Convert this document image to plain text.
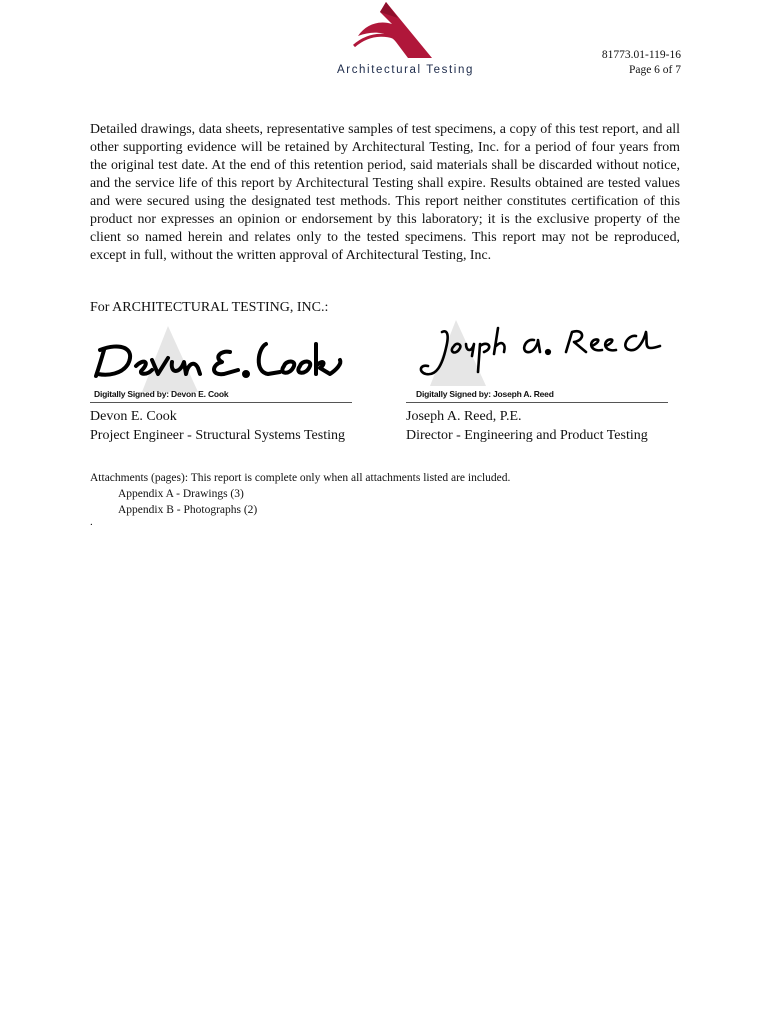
Architectural Testing
81773.01-119-16
Page 6 of 7

Detailed drawings, data sheets, representative samples of test specimens, a copy of this test report, and all other supporting evidence will be retained by Architectural Testing, Inc. for a period of four years from the original test date. At the end of this retention period, said materials shall be discarded without notice, and the service life of this report by Architectural Testing shall expire. Results obtained are tested values and were secured using the designated test methods. This report neither constitutes certification of this product nor expresses an opinion or endorsement by this laboratory; it is the exclusive property of the client so named herein and relates only to the tested specimens. This report may not be reproduced, except in full, without the written approval of Architectural Testing, Inc.

For ARCHITECTURAL TESTING, INC.:
Digitally Signed by: Devon E. Cook
Devon E. Cook
Project Engineer - Structural Systems Testing
Digitally Signed by: Joseph A. Reed
Joseph A. Reed, P.E.
Director - Engineering and Product Testing
Attachments (pages): This report is complete only when all attachments listed are included.
Appendix A - Drawings (3)
Appendix B - Photographs (2)
.
